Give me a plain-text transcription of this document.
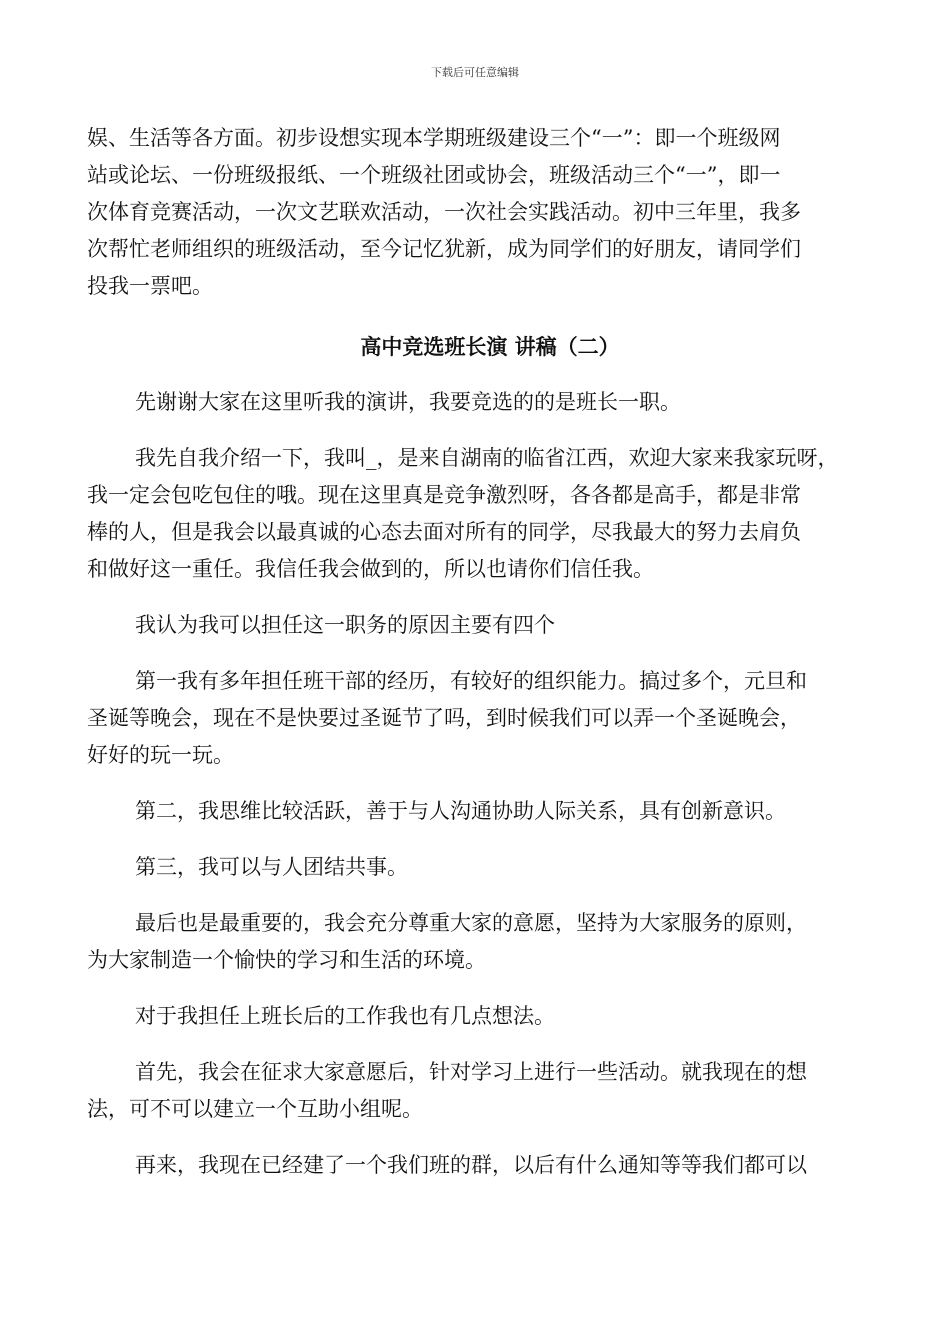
下载后可任意编辑

娱、生活等各方面。初步设想实现本学期班级建设三个“一”：即一个班级网
站或论坛、一份班级报纸、一个班级社团或协会，班级活动三个“一”，即一
次体育竞赛活动，一次文艺联欢活动，一次社会实践活动。初中三年里，我多
次帮忙老师组织的班级活动，至今记忆犹新，成为同学们的好朋友，请同学们
投我一票吧。

高中竞选班长演 讲稿（二）

先谢谢大家在这里听我的演讲，我要竞选的的是班长一职。

我先自我介绍一下，我叫_，是来自湖南的临省江西，欢迎大家来我家玩呀，
我一定会包吃包住的哦。现在这里真是竞争激烈呀，各各都是高手，都是非常
棒的人，但是我会以最真诚的心态去面对所有的同学，尽我最大的努力去肩负
和做好这一重任。我信任我会做到的，所以也请你们信任我。

我认为我可以担任这一职务的原因主要有四个

第一我有多年担任班干部的经历，有较好的组织能力。搞过多个，元旦和
圣诞等晚会，现在不是快要过圣诞节了吗，到时候我们可以弄一个圣诞晚会，
好好的玩一玩。

第二，我思维比较活跃，善于与人沟通协助人际关系，具有创新意识。

第三，我可以与人团结共事。

最后也是最重要的，我会充分尊重大家的意愿，坚持为大家服务的原则，
为大家制造一个愉快的学习和生活的环境。

对于我担任上班长后的工作我也有几点想法。

首先，我会在征求大家意愿后，针对学习上进行一些活动。就我现在的想
法，可不可以建立一个互助小组呢。

再来，我现在已经建了一个我们班的群，以后有什么通知等等我们都可以
